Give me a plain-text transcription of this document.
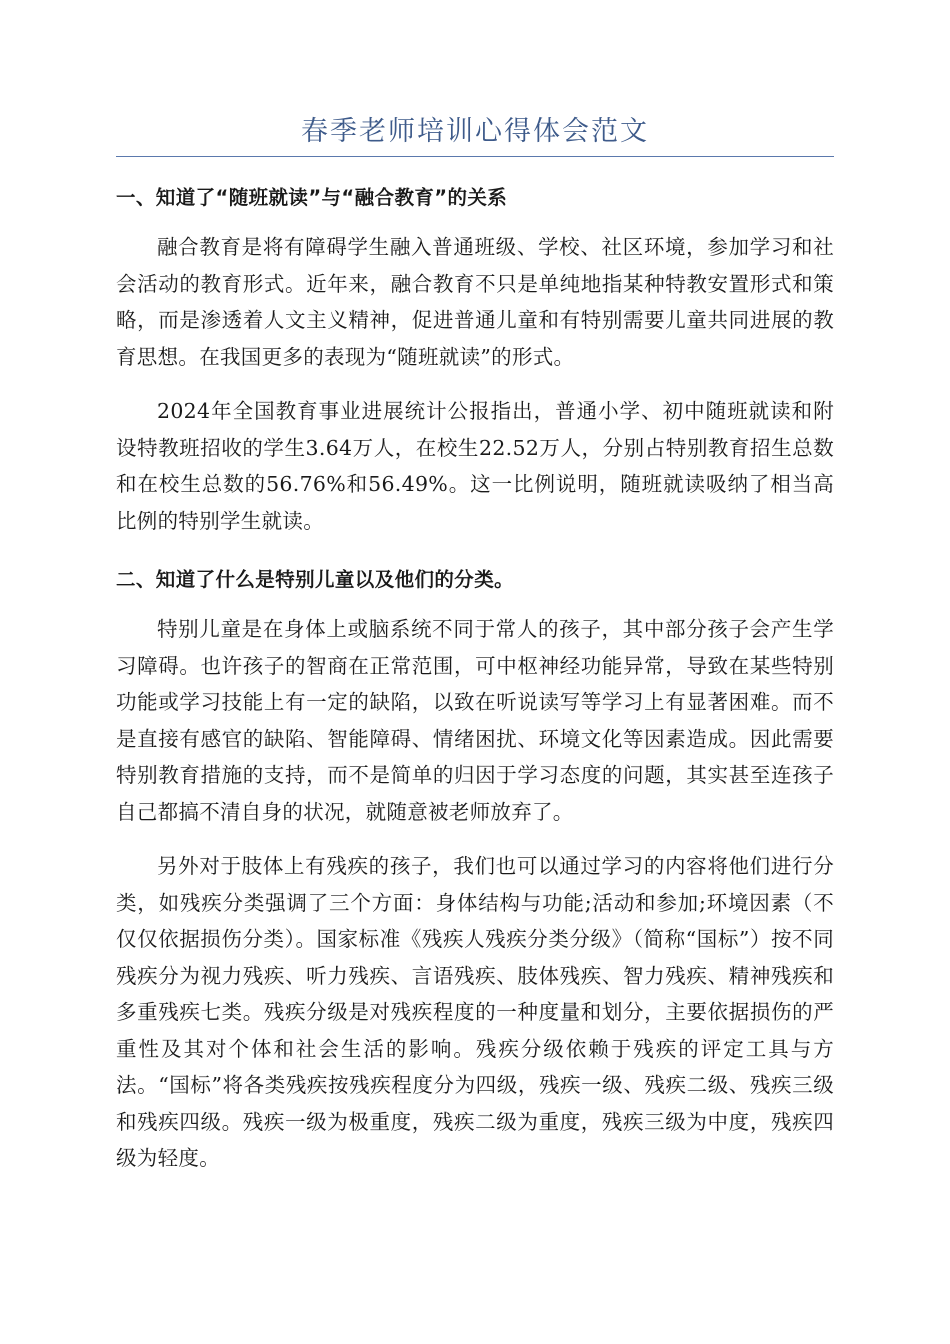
春季老师培训心得体会范文
一、知道了“随班就读”与“融合教育”的关系

融合教育是将有障碍学生融入普通班级、学校、社区环境，参加学习和社会活动的教育形式。近年来，融合教育不只是单纯地指某种特教安置形式和策略，而是渗透着人文主义精神，促进普通儿童和有特别需要儿童共同进展的教育思想。在我国更多的表现为“随班就读”的形式。

2024年全国教育事业进展统计公报指出，普通小学、初中随班就读和附设特教班招收的学生3.64万人，在校生22.52万人，分别占特别教育招生总数和在校生总数的56.76%和56.49%。这一比例说明，随班就读吸纳了相当高比例的特别学生就读。

二、知道了什么是特别儿童以及他们的分类。

特别儿童是在身体上或脑系统不同于常人的孩子，其中部分孩子会产生学习障碍。也许孩子的智商在正常范围，可中枢神经功能异常，导致在某些特别功能或学习技能上有一定的缺陷，以致在听说读写等学习上有显著困难。而不是直接有感官的缺陷、智能障碍、情绪困扰、环境文化等因素造成。因此需要特别教育措施的支持，而不是简单的归因于学习态度的问题，其实甚至连孩子自己都搞不清自身的状况，就随意被老师放弃了。

另外对于肢体上有残疾的孩子，我们也可以通过学习的内容将他们进行分类，如残疾分类强调了三个方面：身体结构与功能;活动和参加;环境因素（不仅仅依据损伤分类）。国家标准《残疾人残疾分类分级》（简称“国标”）按不同残疾分为视力残疾、听力残疾、言语残疾、肢体残疾、智力残疾、精神残疾和多重残疾七类。残疾分级是对残疾程度的一种度量和划分，主要依据损伤的严重性及其对个体和社会生活的影响。残疾分级依赖于残疾的评定工具与方法。“国标”将各类残疾按残疾程度分为四级，残疾一级、残疾二级、残疾三级和残疾四级。残疾一级为极重度，残疾二级为重度，残疾三级为中度，残疾四级为轻度。
